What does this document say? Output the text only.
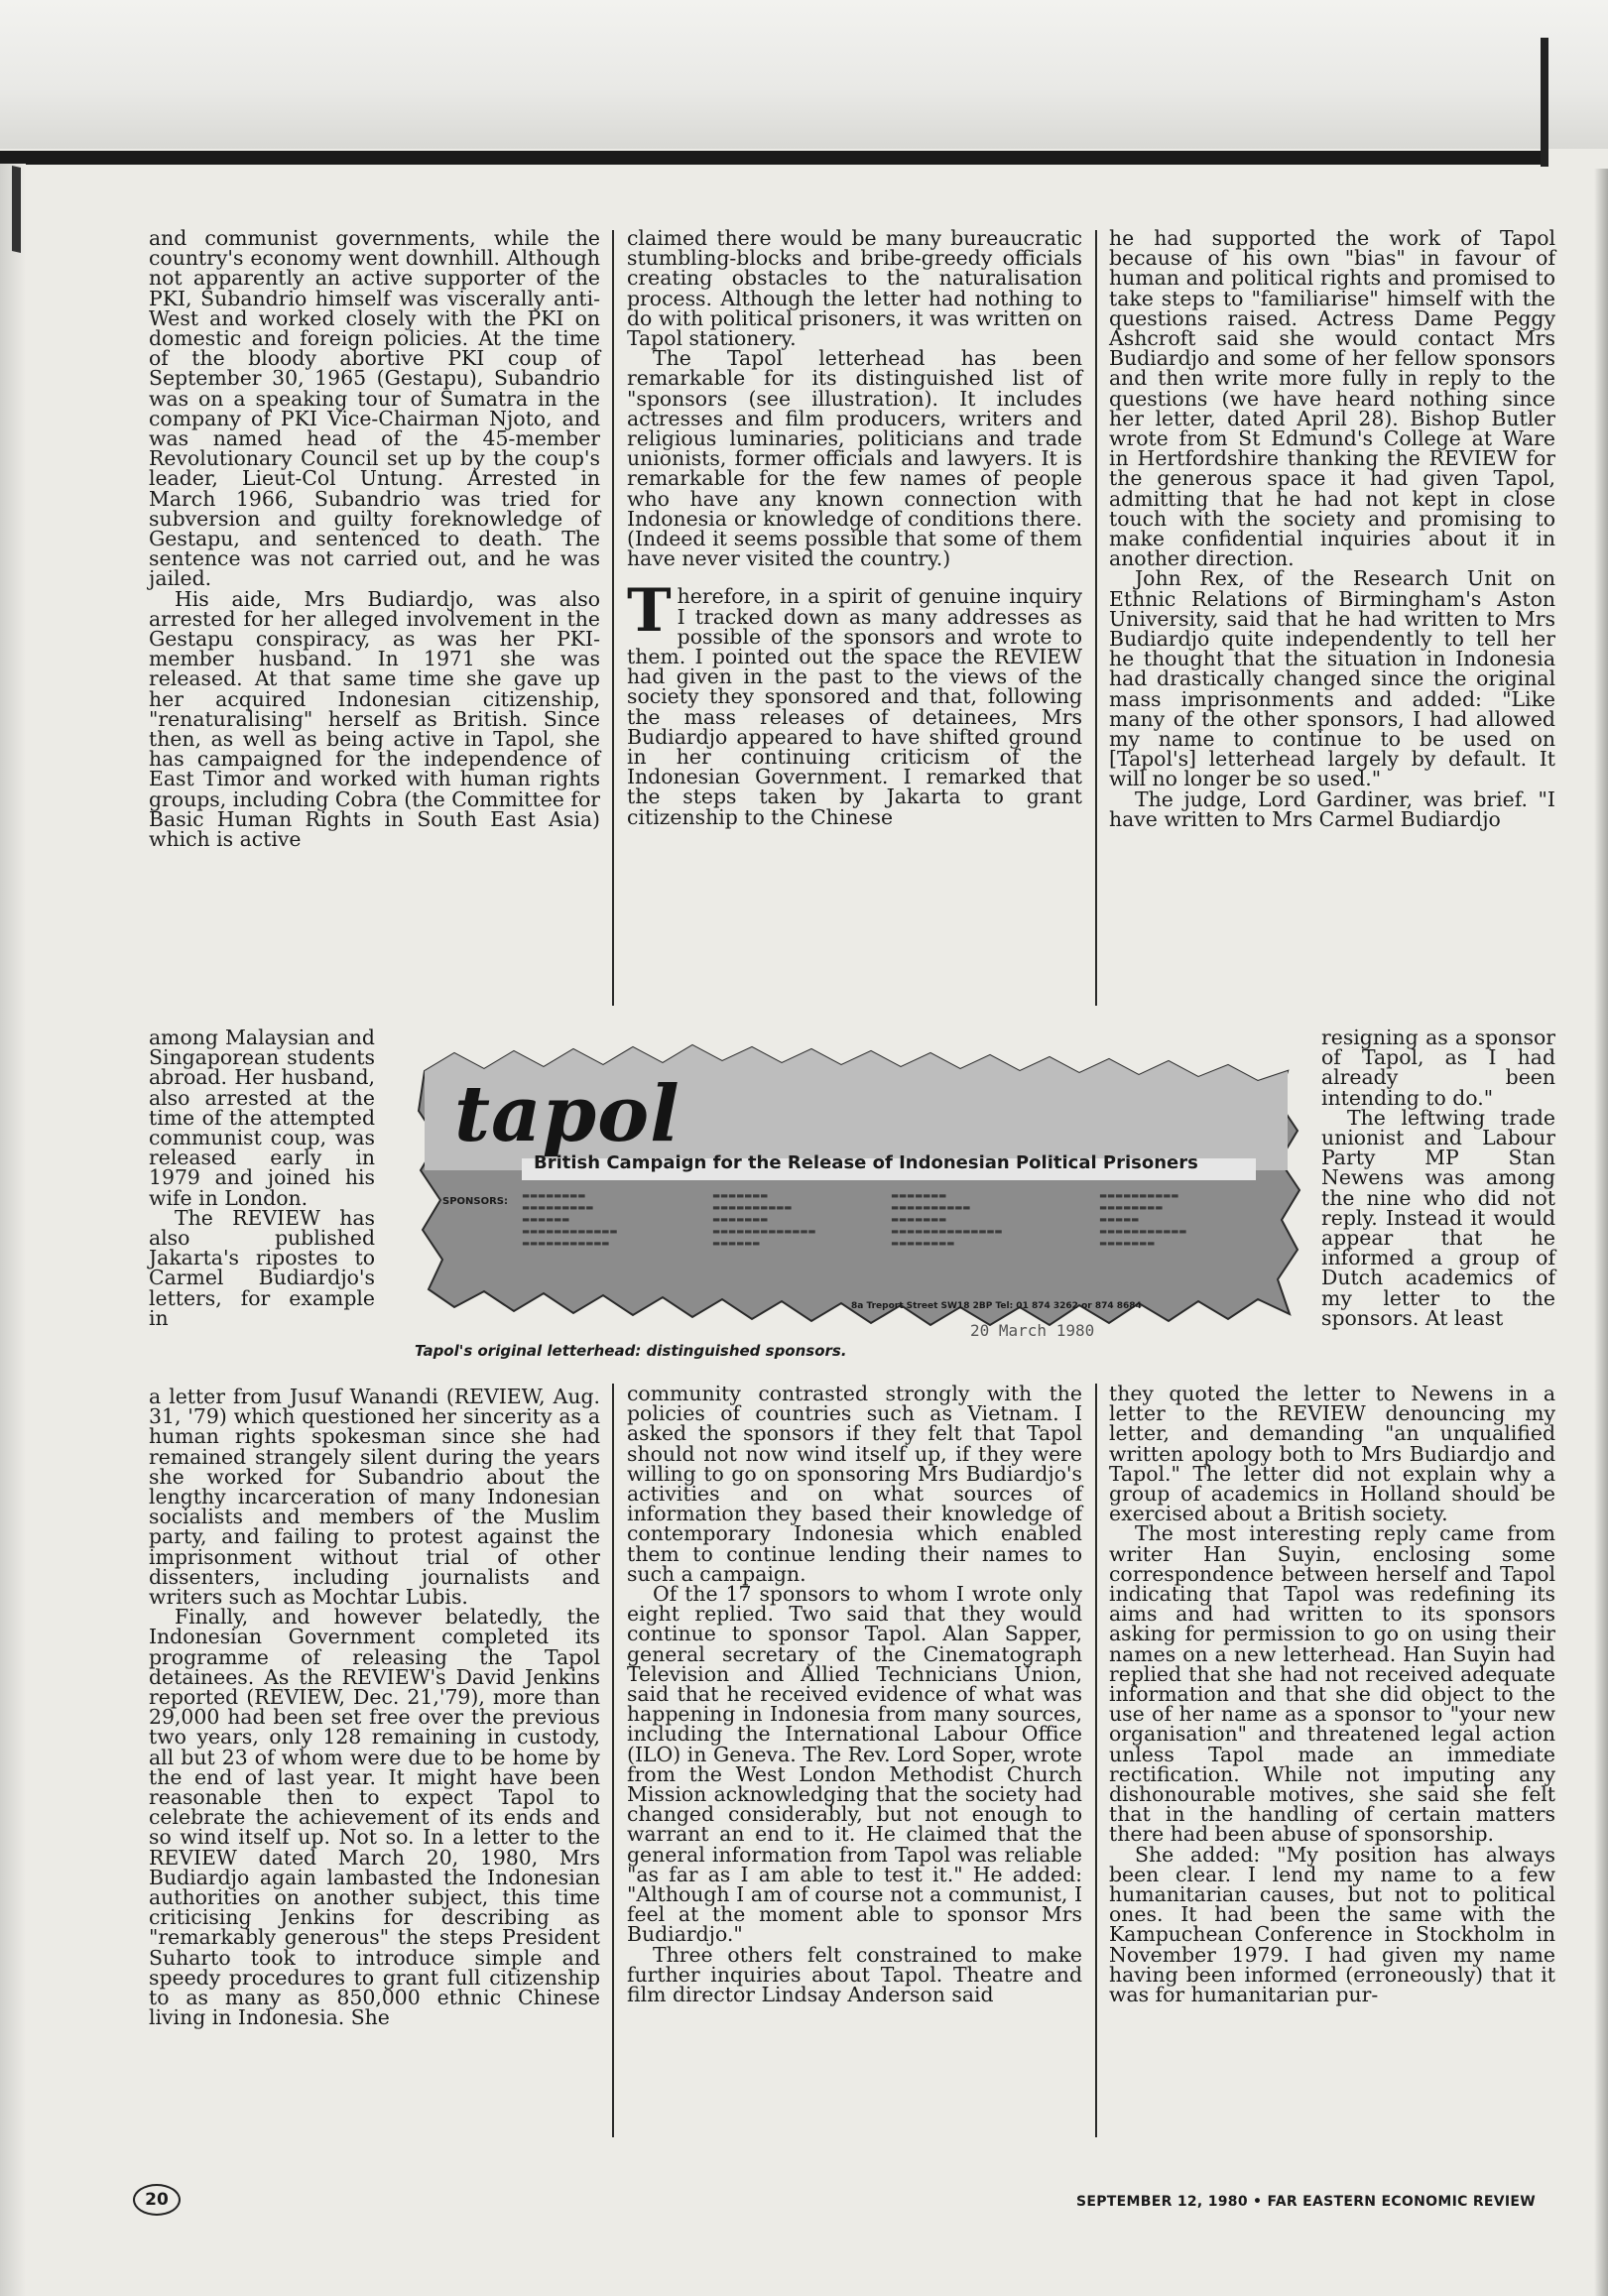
and communist governments, while the country's economy went downhill. Although not apparently an active supporter of the PKI, Subandrio himself was viscerally anti-West and worked closely with the PKI on domestic and foreign policies. At the time of the bloody abortive PKI coup of September 30, 1965 (Gestapu), Subandrio was on a speaking tour of Sumatra in the company of PKI Vice-Chairman Njoto, and was named head of the 45-member Revolutionary Council set up by the coup's leader, Lieut-Col Untung. Arrested in March 1966, Subandrio was tried for subversion and guilty foreknowledge of Gestapu, and sentenced to death. The sentence was not carried out, and he was jailed.

His aide, Mrs Budiardjo, was also arrested for her alleged involvement in the Gestapu conspiracy, as was her PKI-member husband. In 1971 she was released. At that same time she gave up her acquired Indonesian citizenship, "renaturalising" herself as British. Since then, as well as being active in Tapol, she has campaigned for the independence of East Timor and worked with human rights groups, including Cobra (the Committee for Basic Human Rights in South East Asia) which is active

among Malaysian and Singaporean students abroad. Her husband, also arrested at the time of the attempted communist coup, was released early in 1979 and joined his wife in London.

The REVIEW has also published Jakarta's ripostes to Carmel Budiardjo's letters, for example in

a letter from Jusuf Wanandi (REVIEW, Aug. 31, '79) which questioned her sincerity as a human rights spokesman since she had remained strangely silent during the years she worked for Subandrio about the lengthy incarceration of many Indonesian socialists and members of the Muslim party, and failing to protest against the imprisonment without trial of other dissenters, including journalists and writers such as Mochtar Lubis.

Finally, and however belatedly, the Indonesian Government completed its programme of releasing the Tapol detainees. As the REVIEW's David Jenkins reported (REVIEW, Dec. 21,'79), more than 29,000 had been set free over the previous two years, only 128 remaining in custody, all but 23 of whom were due to be home by the end of last year. It might have been reasonable then to expect Tapol to celebrate the achievement of its ends and so wind itself up. Not so. In a letter to the REVIEW dated March 20, 1980, Mrs Budiardjo again lambasted the Indonesian authorities on another subject, this time criticising Jenkins for describing as "remarkably generous" the steps President Suharto took to introduce simple and speedy procedures to grant full citizenship to as many as 850,000 ethnic Chinese living in Indonesia. She

claimed there would be many bureaucratic stumbling-blocks and bribe-greedy officials creating obstacles to the naturalisation process. Although the letter had nothing to do with political prisoners, it was written on Tapol stationery.

The Tapol letterhead has been remarkable for its distinguished list of "sponsors (see illustration). It includes actresses and film producers, writers and religious luminaries, politicians and trade unionists, former officials and lawyers. It is remarkable for the few names of people who have any known connection with Indonesia or knowledge of conditions there. (Indeed it seems possible that some of them have never visited the country.)

Therefore, in a spirit of genuine inquiry I tracked down as many addresses as possible of the sponsors and wrote to them. I pointed out the space the REVIEW had given in the past to the views of the society they sponsored and that, following the mass releases of detainees, Mrs Budiardjo appeared to have shifted ground in her continuing criticism of the Indonesian Government. I remarked that the steps taken by Jakarta to grant citizenship to the Chinese

community contrasted strongly with the policies of countries such as Vietnam. I asked the sponsors if they felt that Tapol should not now wind itself up, if they were willing to go on sponsoring Mrs Budiardjo's activities and on what sources of information they based their knowledge of contemporary Indonesia which enabled them to continue lending their names to such a campaign.

Of the 17 sponsors to whom I wrote only eight replied. Two said that they would continue to sponsor Tapol. Alan Sapper, general secretary of the Cinematograph Television and Allied Technicians Union, said that he received evidence of what was happening in Indonesia from many sources, including the International Labour Office (ILO) in Geneva. The Rev. Lord Soper, wrote from the West London Methodist Church Mission acknowledging that the society had changed considerably, but not enough to warrant an end to it. He claimed that the general information from Tapol was reliable "as far as I am able to test it." He added: "Although I am of course not a communist, I feel at the moment able to sponsor Mrs Budiardjo."

Three others felt constrained to make further inquiries about Tapol. Theatre and film director Lindsay Anderson said

he had supported the work of Tapol because of his own "bias" in favour of human and political rights and promised to take steps to "familiarise" himself with the questions raised. Actress Dame Peggy Ashcroft said she would contact Mrs Budiardjo and some of her fellow sponsors and then write more fully in reply to the questions (we have heard nothing since her letter, dated April 28). Bishop Butler wrote from St Edmund's College at Ware in Hertfordshire thanking the REVIEW for the generous space it had given Tapol, admitting that he had not kept in close touch with the society and promising to make confidential inquiries about it in another direction.

John Rex, of the Research Unit on Ethnic Relations of Birmingham's Aston University, said that he had written to Mrs Budiardjo quite independently to tell her he thought that the situation in Indonesia had drastically changed since the original mass imprisonments and added: "Like many of the other sponsors, I had allowed my name to continue to be used on [Tapol's] letterhead largely by default. It will no longer be so used."

The judge, Lord Gardiner, was brief. "I have written to Mrs Carmel Budiardjo

resigning as a sponsor of Tapol, as I had already been intending to do."

The leftwing trade unionist and Labour Party MP Stan Newens was among the nine who did not reply. Instead it would appear that he informed a group of Dutch academics of my letter to the sponsors. At least

they quoted the letter to Newens in a letter to the REVIEW denouncing my letter, and demanding "an unqualified written apology both to Mrs Budiardjo and Tapol." The letter did not explain why a group of academics in Holland should be exercised about a British society.

The most interesting reply came from writer Han Suyin, enclosing some correspondence between herself and Tapol indicating that Tapol was redefining its aims and had written to its sponsors asking for permission to go on using their names on a new letterhead. Han Suyin had replied that she had not received adequate information and that she did object to the use of her name as a sponsor to "your new organisation" and threatened legal action unless Tapol made an immediate rectification. While not imputing any dishonourable motives, she said she felt that in the handling of certain matters there had been abuse of sponsorship.

She added: "My position has always been clear. I lend my name to a few humanitarian causes, but not to political ones. It had been the same with the Kampuchean Conference in Stockholm in November 1979. I had given my name having been informed (erroneously) that it was for humanitarian pur-

tapol
British Campaign for the Release of Indonesian Political Prisoners
SPONSORS: ▬▬▬▬▬▬▬▬
▬▬▬▬▬▬▬▬▬
▬▬▬▬▬▬
▬▬▬▬▬▬▬▬▬▬▬▬
▬▬▬▬▬▬▬▬▬▬▬
▬▬▬▬▬▬▬
▬▬▬▬▬▬▬▬▬▬
▬▬▬▬▬▬▬
▬▬▬▬▬▬▬▬▬▬▬▬▬
▬▬▬▬▬▬
▬▬▬▬▬▬▬
▬▬▬▬▬▬▬▬▬▬
▬▬▬▬▬▬▬
▬▬▬▬▬▬▬▬▬▬▬▬▬▬
▬▬▬▬▬▬▬▬
▬▬▬▬▬▬▬▬▬▬
▬▬▬▬▬▬▬▬
▬▬▬▬▬
▬▬▬▬▬▬▬▬▬▬▬
▬▬▬▬▬▬▬
8a Treport Street SW18 2BP Tel: 01 874 3262 or 874 8684
20 March 1980
Tapol's original letterhead: distinguished sponsors.
20	SEPTEMBER 12, 1980 • FAR EASTERN ECONOMIC REVIEW
